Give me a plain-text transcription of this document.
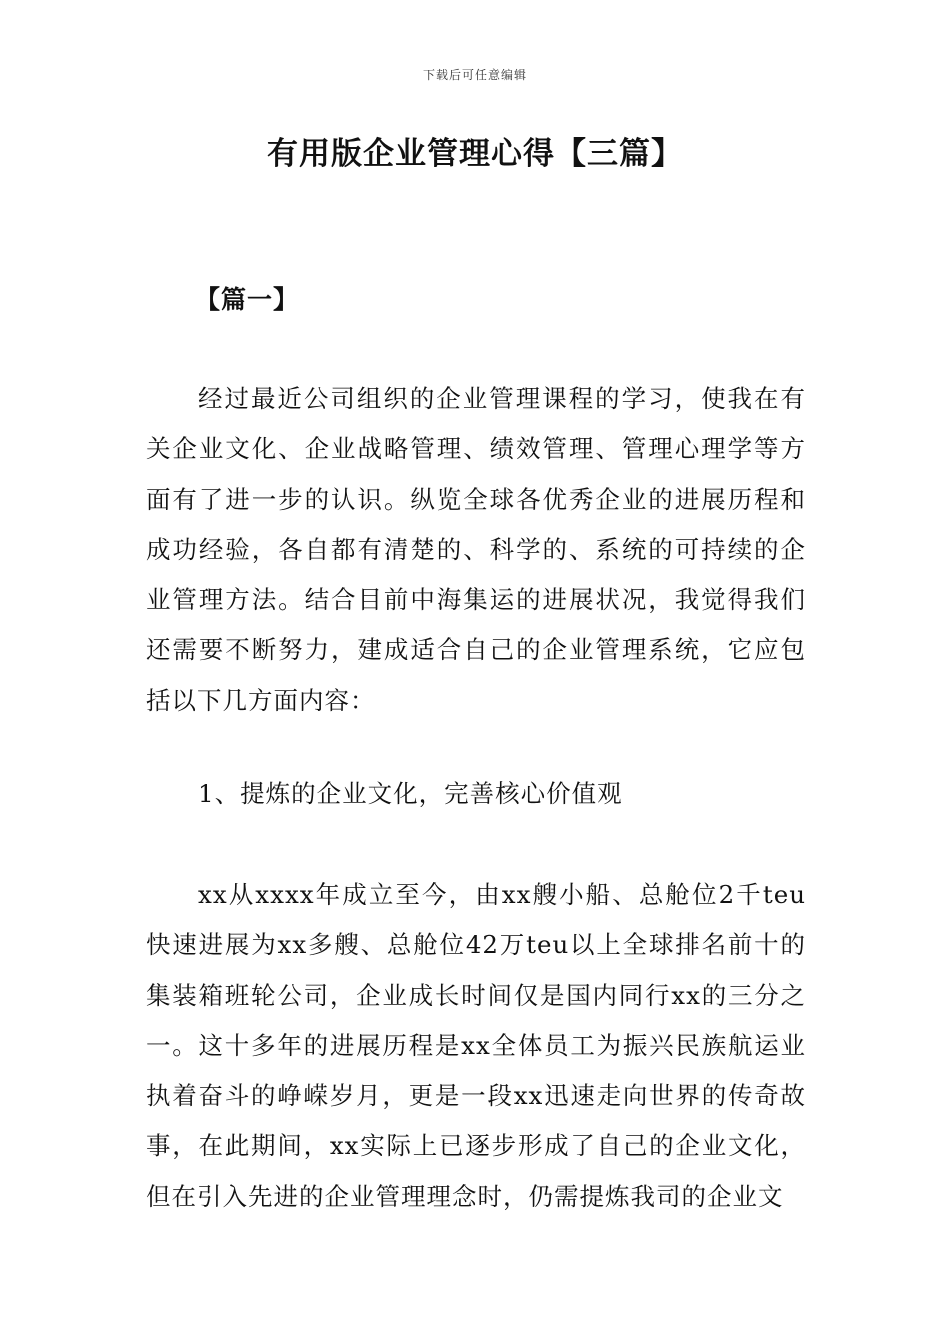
下载后可任意编辑
有用版企业管理心得【三篇】
【篇一】

经过最近公司组织的企业管理课程的学习，使我在有关企业文化、企业战略管理、绩效管理、管理心理学等方面有了进一步的认识。纵览全球各优秀企业的进展历程和成功经验，各自都有清楚的、科学的、系统的可持续的企业管理方法。结合目前中海集运的进展状况，我觉得我们还需要不断努力，建成适合自己的企业管理系统，它应包括以下几方面内容：

1、提炼的企业文化，完善核心价值观

xx从xxxx年成立至今，由xx艘小船、总舱位2千teu快速进展为xx多艘、总舱位42万teu以上全球排名前十的集装箱班轮公司，企业成长时间仅是国内同行xx的三分之一。这十多年的进展历程是xx全体员工为振兴民族航运业执着奋斗的峥嵘岁月，更是一段xx迅速走向世界的传奇故事，在此期间，xx实际上已逐步形成了自己的企业文化，但在引入先进的企业管理理念时，仍需提炼我司的企业文
